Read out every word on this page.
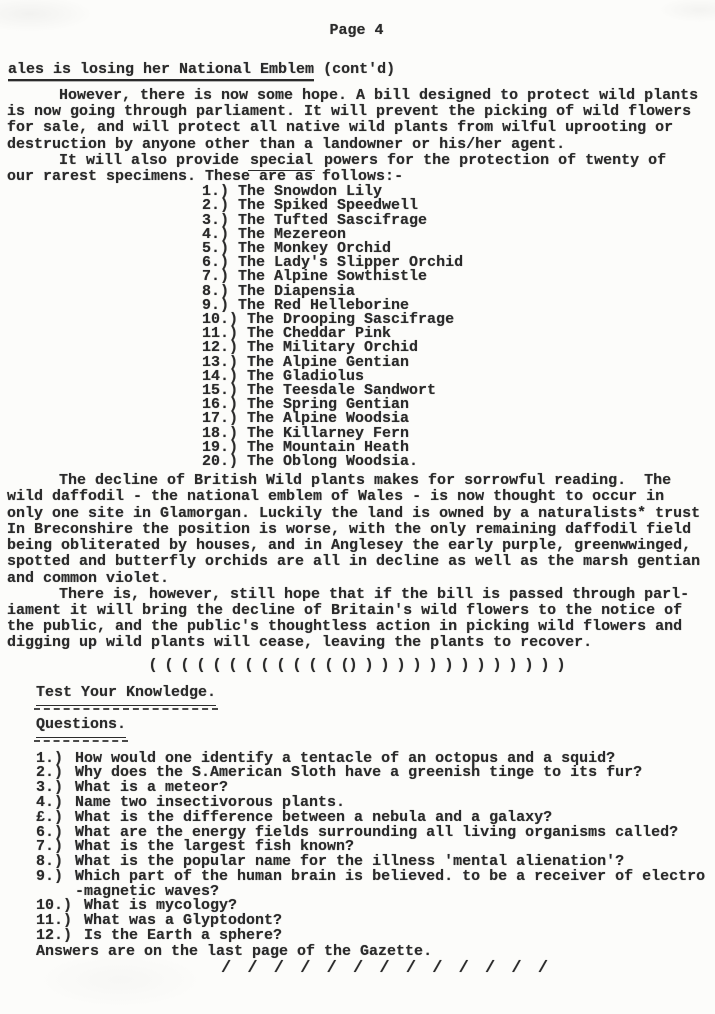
Page 4
ales is losing her National Emblem (cont'd)
However, there is now some hope. A bill designed to protect wild plants
is now going through parliament. It will prevent the picking of wild flowers
for sale, and will protect all native wild plants from wilful uprooting or
destruction by anyone other than a landowner or his/her agent.
It will also provide special powers for the protection of twenty of
our rarest specimens. These are as follows:-
1.) The Snowdon Lily
2.) The Spiked Speedwell
3.) The Tufted Sascifrage
4.) The Mezereon
5.) The Monkey Orchid
6.) The Lady's Slipper Orchid
7.) The Alpine Sowthistle
8.) The Diapensia
9.) The Red Helleborine
10.) The Drooping Sascifrage
11.) The Cheddar Pink
12.) The Military Orchid
13.) The Alpine Gentian
14.) The Gladiolus
15.) The Teesdale Sandwort
16.) The Spring Gentian
17.) The Alpine Woodsia
18.) The Killarney Fern
19.) The Mountain Heath
20.) The Oblong Woodsia.
The decline of British Wild plants makes for sorrowful reading.  The
wild daffodil - the national emblem of Wales - is now thought to occur in
only one site in Glamorgan. Luckily the land is owned by a naturalists* trust
In Breconshire the position is worse, with the only remaining daffodil field
being obliterated by houses, and in Anglesey the early purple, greenwwinged,
spotted and butterfly orchids are all in decline as well as the marsh gentian
and common violet.
There is, however, still hope that if the bill is passed through parl-
iament it will bring the decline of Britain's wild flowers to the notice of
the public, and the public's thoughtless action in picking wild flowers and
digging up wild plants will cease, leaving the plants to recover.
( ( ( ( ( ( ( ( ( ( ( ( () ) ) ) ) ) ) ) ) ) ) ) ) )
Test Your Knowledge.
Questions.
1.) How would one identify a tentacle of an octopus and a squid?
2.) Why does the S.American Sloth have a greenish tinge to its fur?
3.) What is a meteor?
4.) Name two insectivorous plants.
£.) What is the difference between a nebula and a galaxy?
6.) What are the energy fields surrounding all living organisms called?
7.) What is the largest fish known?
8.) What is the popular name for the illness 'mental alienation'?
9.) Which part of the human brain is believed. to be a receiver of electro
-magnetic waves?
10.) What is mycology?
11.) What was a Glyptodont?
12.) Is the Earth a sphere?
Answers are on the last page of the Gazette.
/ / / / / / / / / / / / /
